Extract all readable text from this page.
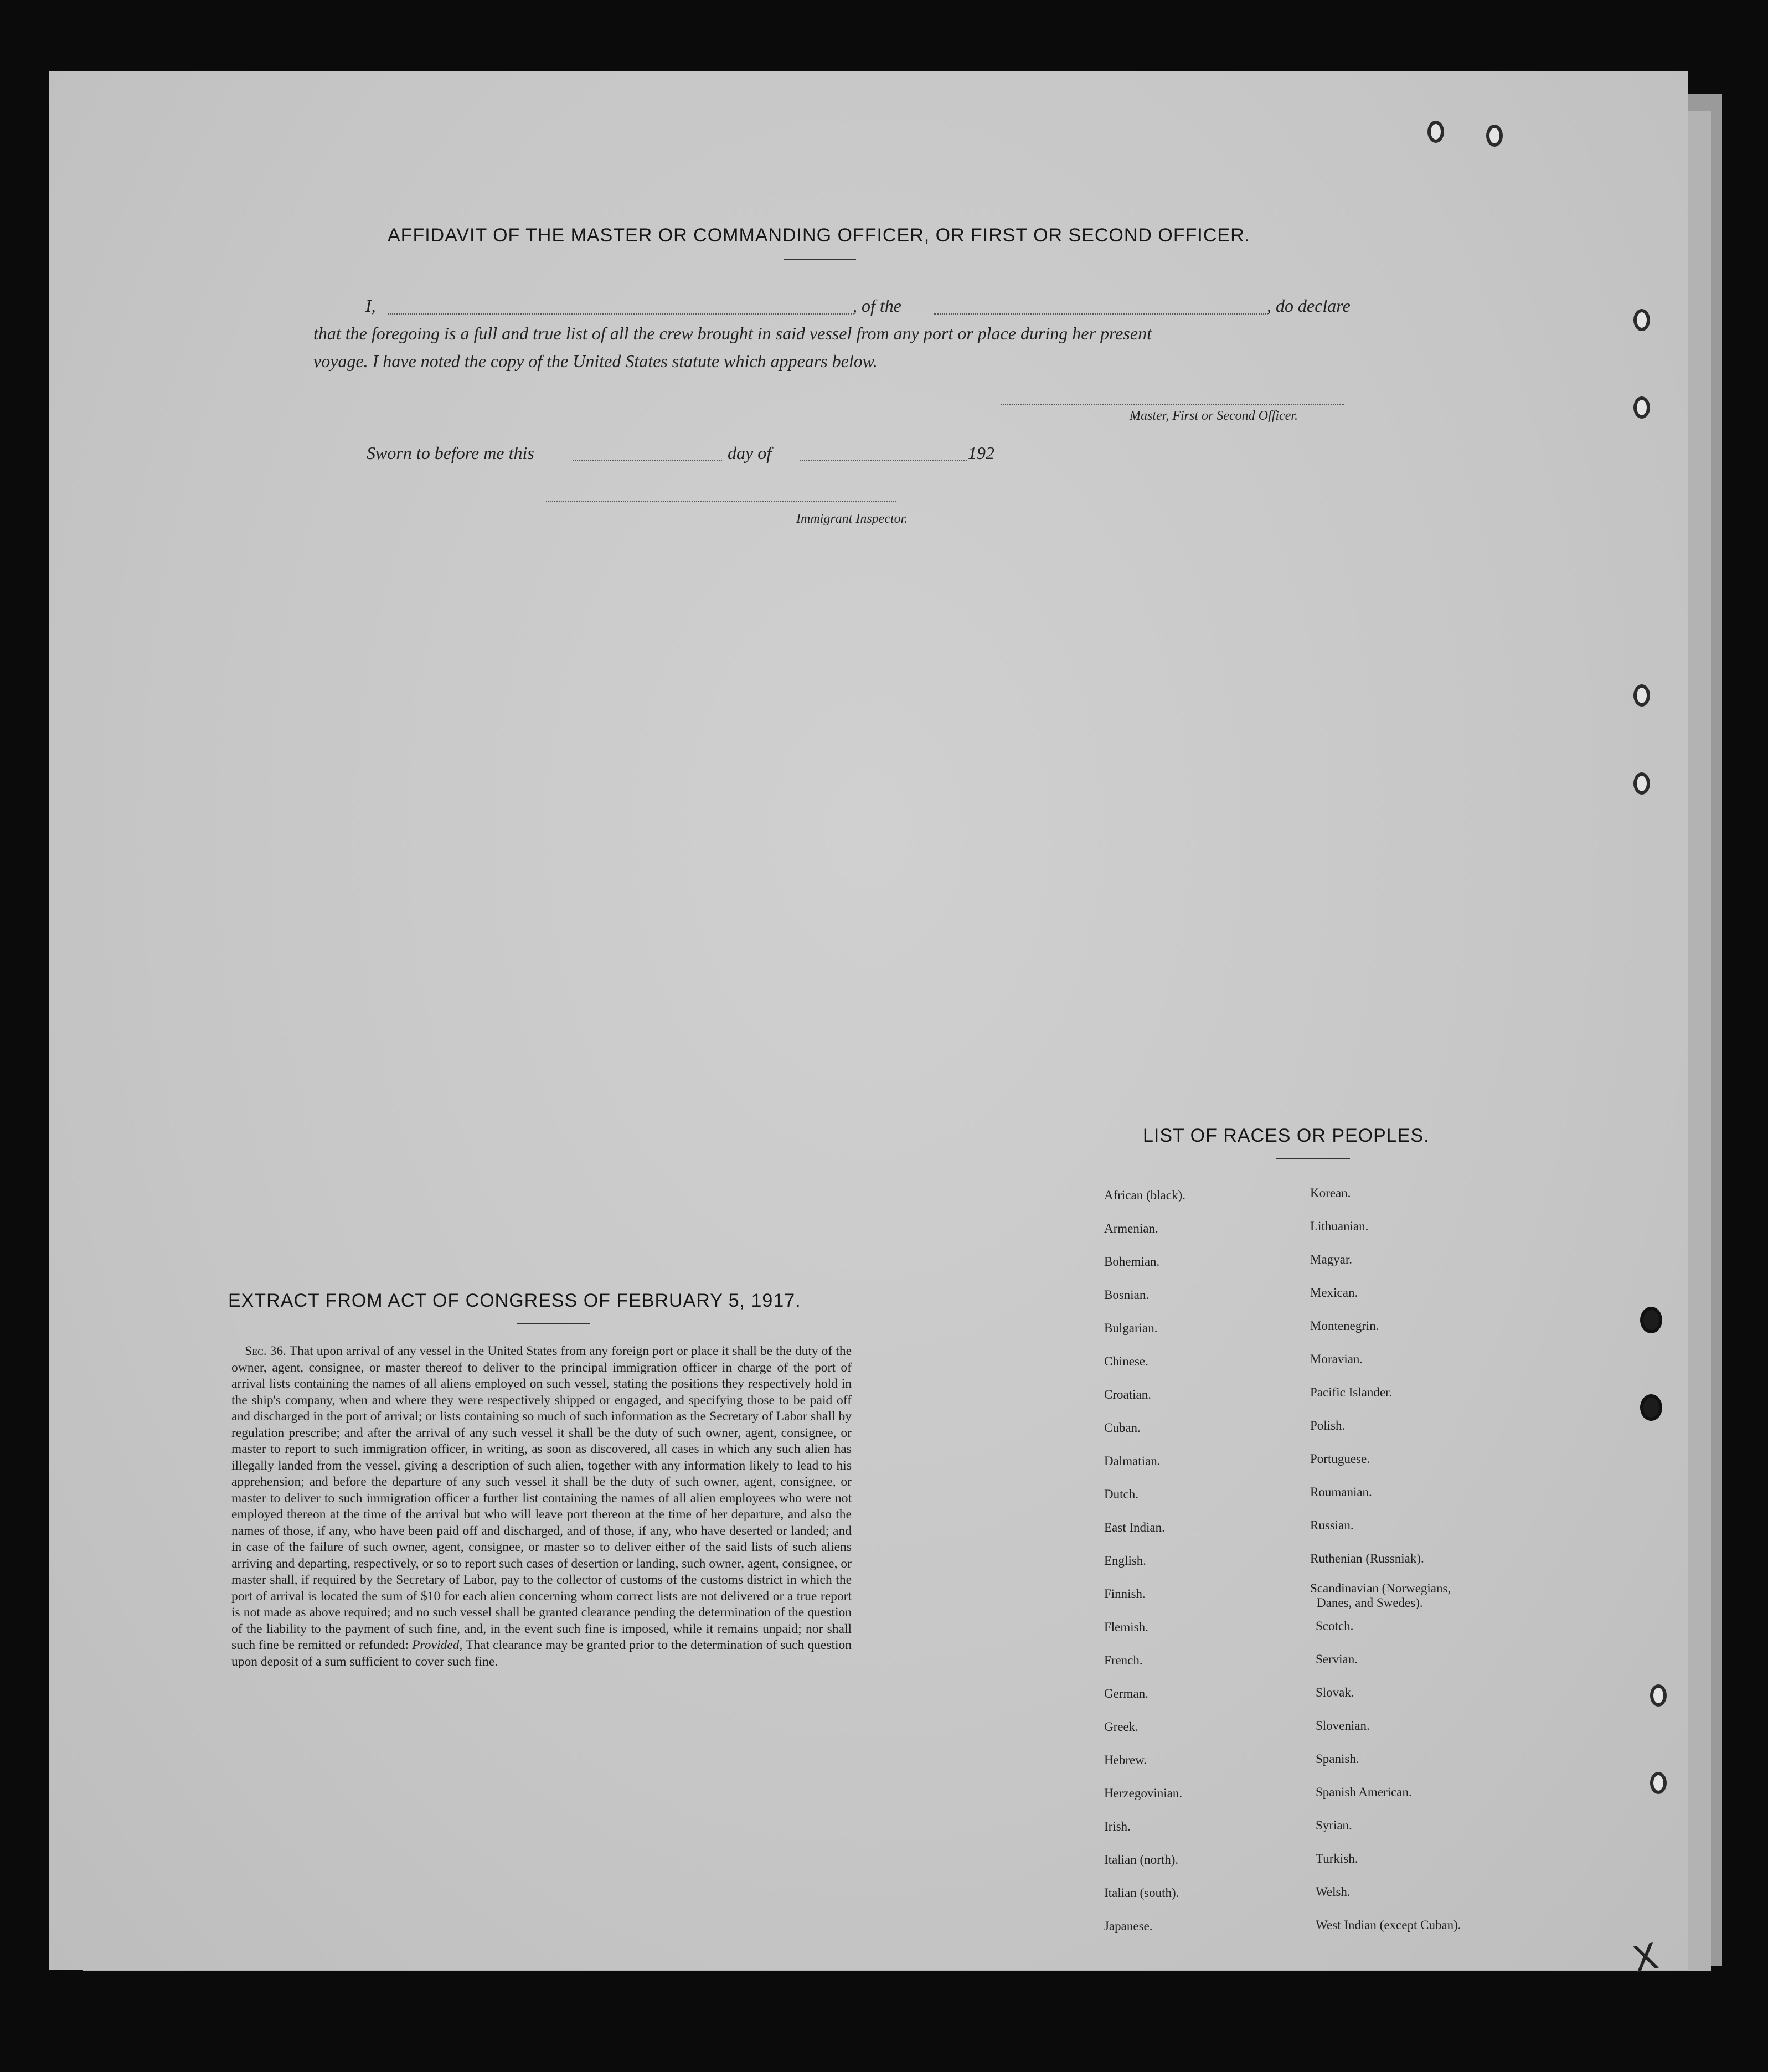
AFFIDAVIT OF THE MASTER OR COMMANDING OFFICER, OR FIRST OR SECOND OFFICER.
I,	, of the	, do declare
that the foregoing is a full and true list of all the crew brought in said vessel from any port or place during her present
voyage. I have noted the copy of the United States statute which appears below.
Master, First or Second Officer.
Sworn to before me this	day of	192
Immigrant Inspector.
EXTRACT FROM ACT OF CONGRESS OF FEBRUARY 5, 1917.
Sec. 36. That upon arrival of any vessel in the United States from any foreign port or place it shall be the duty of the owner, agent, consignee, or master thereof to deliver to the principal immigration officer in charge of the port of arrival lists containing the names of all aliens employed on such vessel, stating the positions they respectively hold in the ship's company, when and where they were respectively shipped or engaged, and specifying those to be paid off and discharged in the port of arrival; or lists containing so much of such information as the Secretary of Labor shall by regulation prescribe; and after the arrival of any such vessel it shall be the duty of such owner, agent, consignee, or master to report to such immigration officer, in writing, as soon as discovered, all cases in which any such alien has illegally landed from the vessel, giving a description of such alien, together with any information likely to lead to his apprehension; and before the departure of any such vessel it shall be the duty of such owner, agent, consignee, or master to deliver to such immigration officer a further list containing the names of all alien employees who were not employed thereon at the time of the arrival but who will leave port thereon at the time of her departure, and also the names of those, if any, who have been paid off and discharged, and of those, if any, who have deserted or landed; and in case of the failure of such owner, agent, consignee, or master so to deliver either of the said lists of such aliens arriving and departing, respectively, or so to report such cases of desertion or landing, such owner, agent, consignee, or master shall, if required by the Secretary of Labor, pay to the collector of customs of the customs district in which the port of arrival is located the sum of $10 for each alien concerning whom correct lists are not delivered or a true report is not made as above required; and no such vessel shall be granted clearance pending the determination of the question of the liability to the payment of such fine, and, in the event such fine is imposed, while it remains unpaid; nor shall such fine be remitted or refunded: Provided, That clearance may be granted prior to the determination of such question upon deposit of a sum sufficient to cover such fine.
LIST OF RACES OR PEOPLES.
African (black).
Armenian.
Bohemian.
Bosnian.
Bulgarian.
Chinese.
Croatian.
Cuban.
Dalmatian.
Dutch.
East Indian.
English.
Finnish.
Flemish.
French.
German.
Greek.
Hebrew.
Herzegovinian.
Irish.
Italian (north).
Italian (south).
Japanese.
Korean.
Lithuanian.
Magyar.
Mexican.
Montenegrin.
Moravian.
Pacific Islander.
Polish.
Portuguese.
Roumanian.
Russian.
Ruthenian (Russniak).
Scandinavian (Norwegians,
Danes, and Swedes).
Scotch.
Servian.
Slovak.
Slovenian.
Spanish.
Spanish American.
Syrian.
Turkish.
Welsh.
West Indian (except Cuban).
X
